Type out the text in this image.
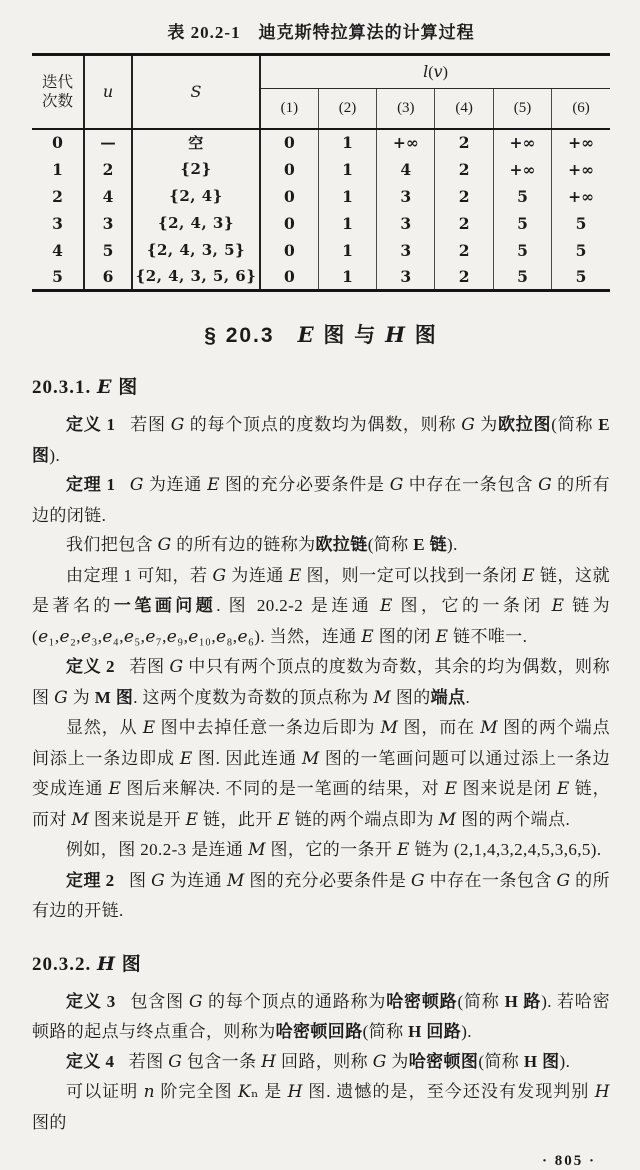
表 20.2-1　迪克斯特拉算法的计算过程
迭代
次数	u	S	l(v)					
			(1)	(2)	(3)	(4)	(5)	(6)
0	—	空	0	1	+∞	2	+∞	+∞
1	2	{2}	0	1	4	2	+∞	+∞
2	4	{2, 4}	0	1	3	2	5	+∞
3	3	{2, 4, 3}	0	1	3	2	5	5
4	5	{2, 4, 3, 5}	0	1	3	2	5	5
5	6	{2, 4, 3, 5, 6}	0	1	3	2	5	5
§ 20.3　E 图 与 H 图
20.3.1. E 图

定义 1 若图 G 的每个顶点的度数均为偶数，则称 G 为欧拉图(简称 E 图).

定理 1 G 为连通 E 图的充分必要条件是 G 中存在一条包含 G 的所有边的闭链.

我们把包含 G 的所有边的链称为欧拉链(简称 E 链).

由定理 1 可知，若 G 为连通 E 图，则一定可以找到一条闭 E 链，这就是著名的一笔画问题. 图 20.2-2 是连通 E 图，它的一条闭 E 链为 (e₁,e₂,e₃,e₄,e₅,e₇,e₉,e₁₀,e₈,e₆). 当然，连通 E 图的闭 E 链不唯一.

定义 2 若图 G 中只有两个顶点的度数为奇数，其余的均为偶数，则称图 G 为 M 图. 这两个度数为奇数的顶点称为 M 图的端点.

显然，从 E 图中去掉任意一条边后即为 M 图，而在 M 图的两个端点间添上一条边即成 E 图. 因此连通 M 图的一笔画问题可以通过添上一条边变成连通 E 图后来解决. 不同的是一笔画的结果，对 E 图来说是闭 E 链，而对 M 图来说是开 E 链，此开 E 链的两个端点即为 M 图的两个端点.

例如，图 20.2-3 是连通 M 图，它的一条开 E 链为 (2,1,4,3,2,4,5,3,6,5).

定理 2 图 G 为连通 M 图的充分必要条件是 G 中存在一条包含 G 的所有边的开链.

20.3.2. H 图

定义 3 包含图 G 的每个顶点的通路称为哈密顿路(简称 H 路). 若哈密顿路的起点与终点重合，则称为哈密顿回路(简称 H 回路).

定义 4 若图 G 包含一条 H 回路，则称 G 为哈密顿图(简称 H 图).

可以证明 n 阶完全图 Kₙ 是 H 图. 遗憾的是，至今还没有发现判别 H 图的

· 805 ·
